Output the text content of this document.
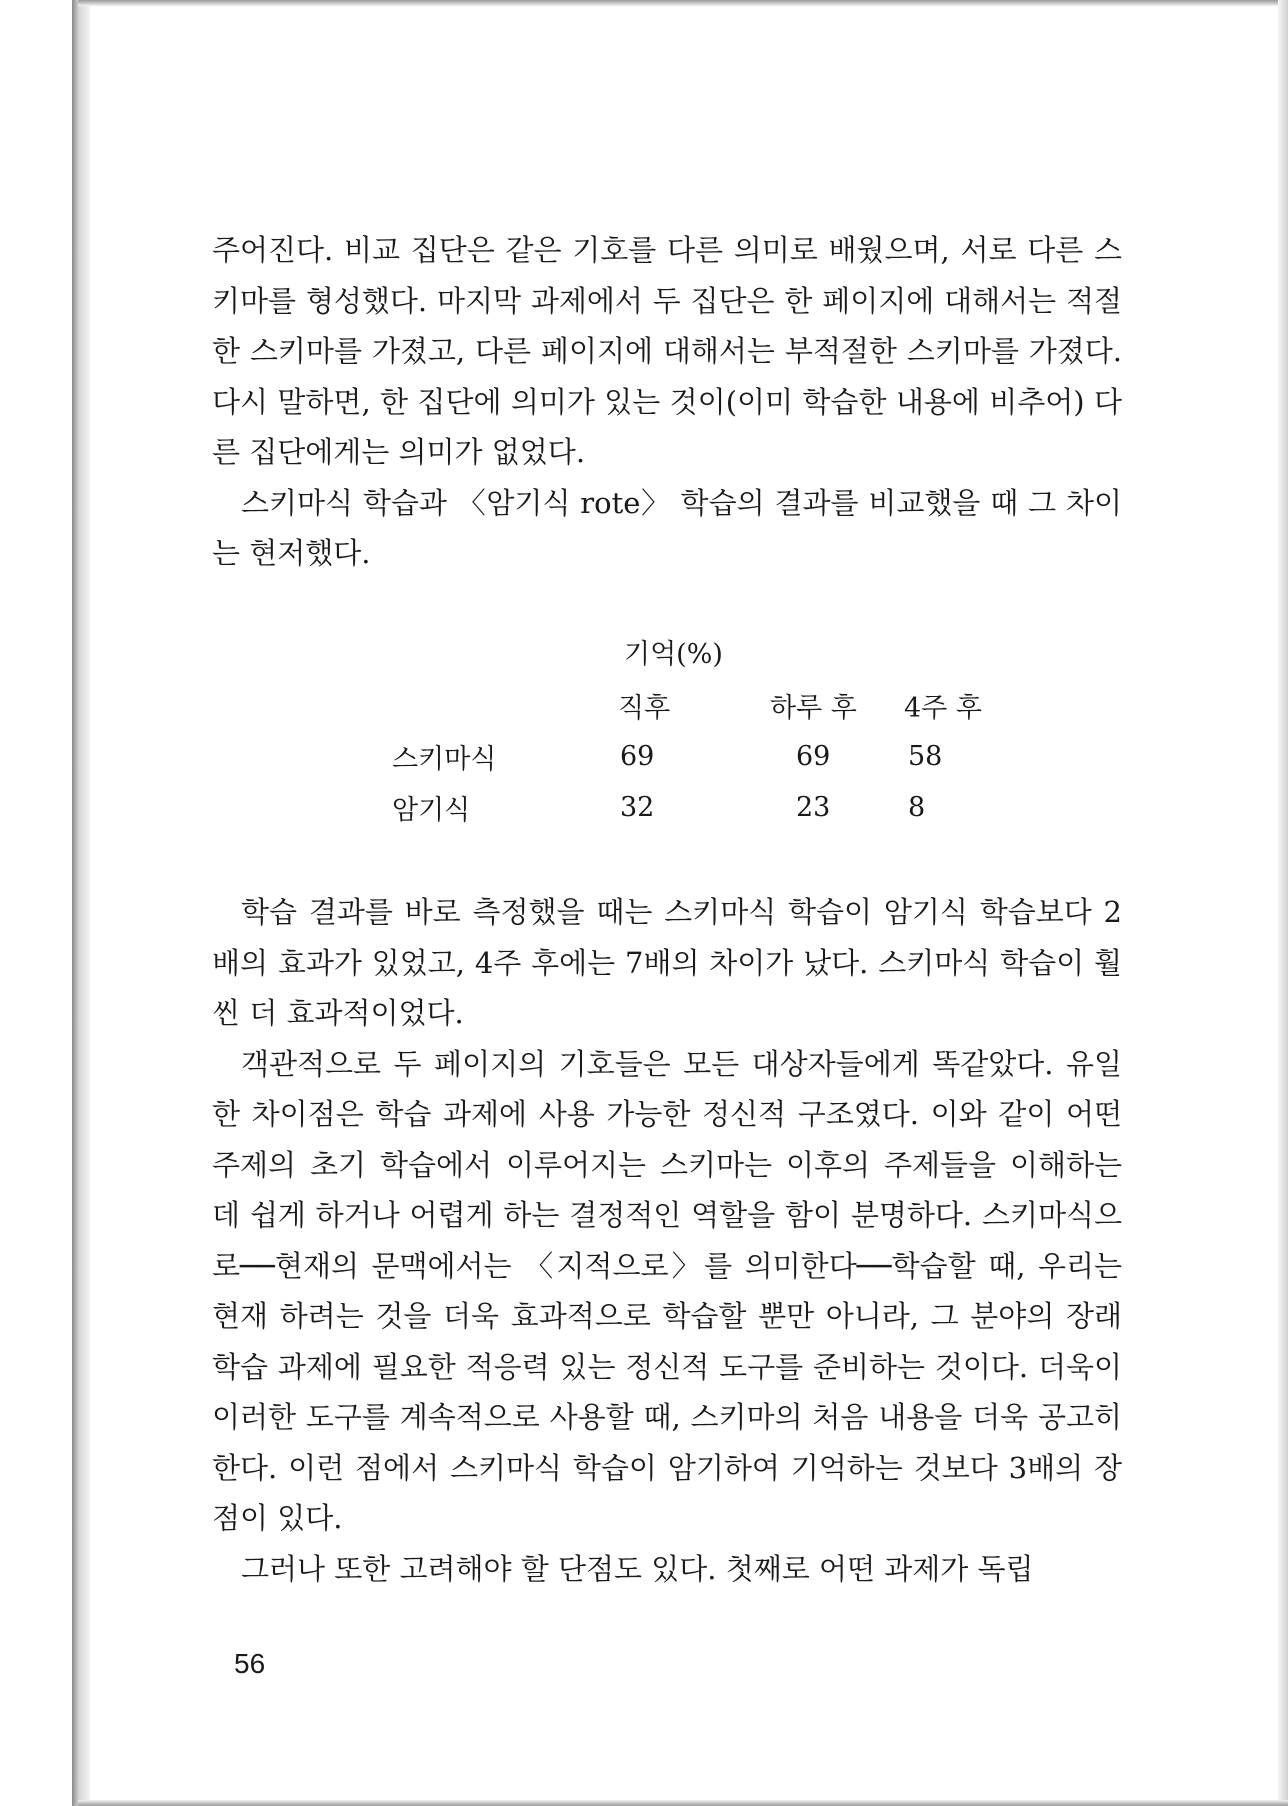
주어진다. 비교 집단은 같은 기호를 다른 의미로 배웠으며, 서로 다른 스키마를 형성했다. 마지막 과제에서 두 집단은 한 페이지에 대해서는 적절한 스키마를 가졌고, 다른 페이지에 대해서는 부적절한 스키마를 가졌다. 다시 말하면, 한 집단에 의미가 있는 것이(이미 학습한 내용에 비추어) 다른 집단에게는 의미가 없었다.

스키마식 학습과 〈암기식 rote〉 학습의 결과를 비교했을 때 그 차이는 현저했다.

기억(%)
	직후	하루 후	4주 후
스키마식	69	69	58
암기식	32	23	8

학습 결과를 바로 측정했을 때는 스키마식 학습이 암기식 학습보다 2배의 효과가 있었고, 4주 후에는 7배의 차이가 났다. 스키마식 학습이 훨씬 더 효과적이었다.

객관적으로 두 페이지의 기호들은 모든 대상자들에게 똑같았다. 유일한 차이점은 학습 과제에 사용 가능한 정신적 구조였다. 이와 같이 어떤 주제의 초기 학습에서 이루어지는 스키마는 이후의 주제들을 이해하는 데 쉽게 하거나 어렵게 하는 결정적인 역할을 함이 분명하다. 스키마식으로──현재의 문맥에서는 〈지적으로〉를 의미한다──학습할 때, 우리는 현재 하려는 것을 더욱 효과적으로 학습할 뿐만 아니라, 그 분야의 장래 학습 과제에 필요한 적응력 있는 정신적 도구를 준비하는 것이다. 더욱이 이러한 도구를 계속적으로 사용할 때, 스키마의 처음 내용을 더욱 공고히 한다. 이런 점에서 스키마식 학습이 암기하여 기억하는 것보다 3배의 장점이 있다.

그러나 또한 고려해야 할 단점도 있다. 첫째로 어떤 과제가 독립

56
